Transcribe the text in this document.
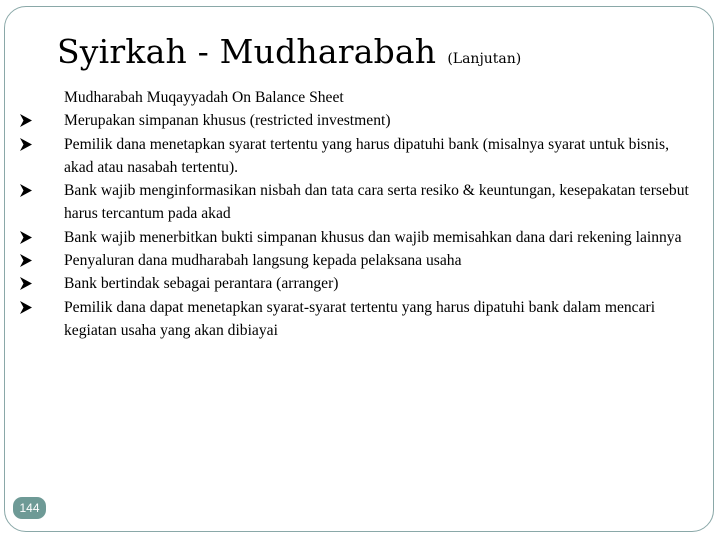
Syirkah - Mudharabah (Lanjutan)

Mudharabah Muqayyadah On Balance Sheet

Merupakan simpanan khusus (restricted investment)
Pemilik dana menetapkan syarat tertentu yang harus dipatuhi bank (misalnya syarat untuk bisnis, akad atau nasabah tertentu).
Bank wajib menginformasikan nisbah dan tata cara serta resiko & keuntungan, kesepakatan tersebut harus tercantum pada akad
Bank wajib menerbitkan bukti simpanan khusus dan wajib memisahkan dana dari rekening lainnya
Penyaluran dana mudharabah langsung kepada pelaksana usaha
Bank bertindak sebagai perantara (arranger)
Pemilik dana dapat menetapkan syarat-syarat tertentu yang harus dipatuhi bank dalam mencari kegiatan usaha yang akan dibiayai
144
